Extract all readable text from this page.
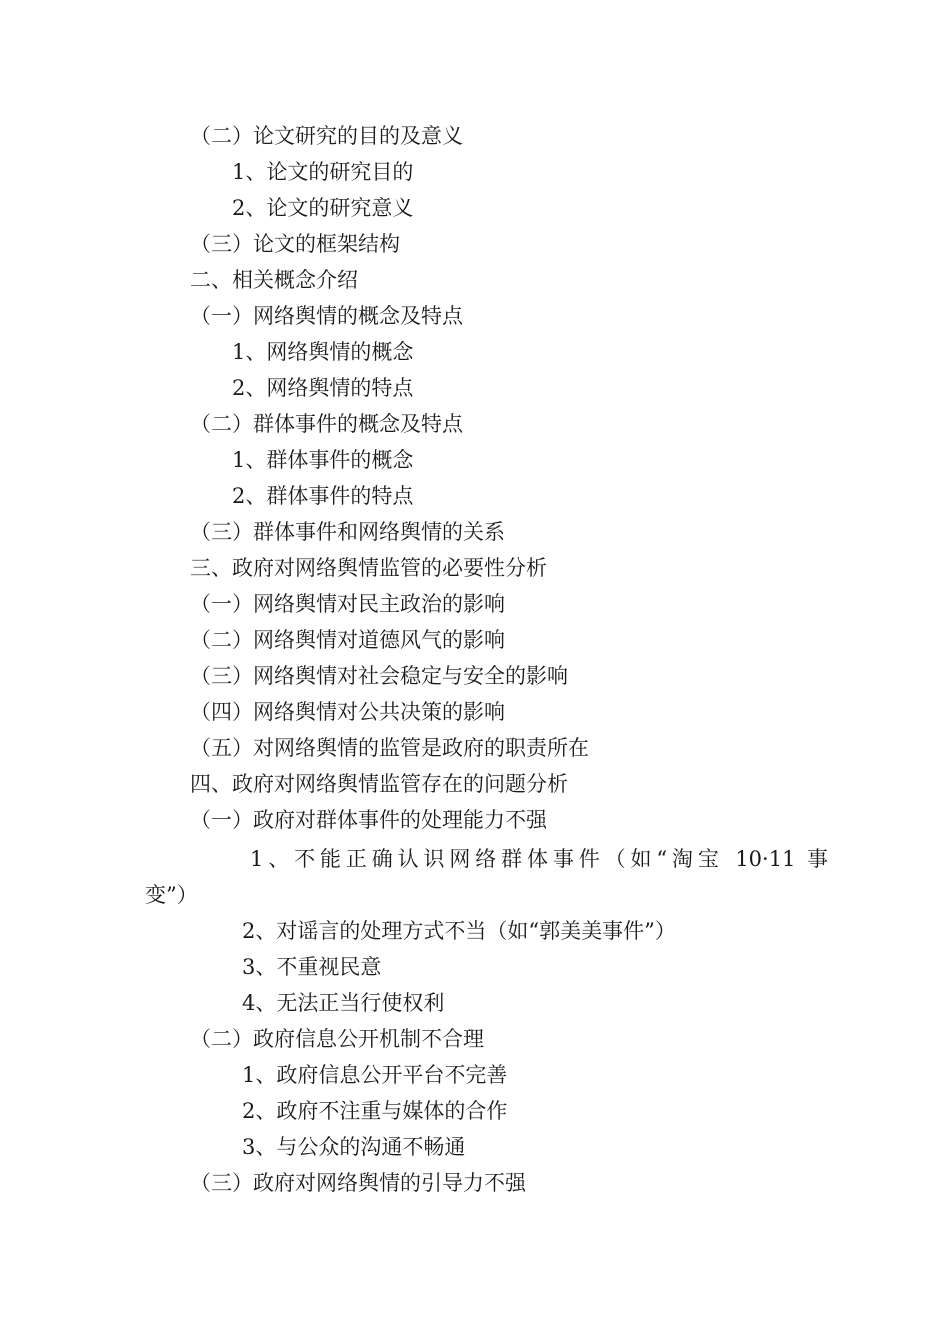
（二）论文研究的目的及意义
1、论文的研究目的
2、论文的研究意义
（三）论文的框架结构
二、相关概念介绍
（一）网络舆情的概念及特点
1、网络舆情的概念
2、网络舆情的特点
（二）群体事件的概念及特点
1、群体事件的概念
2、群体事件的特点
（三）群体事件和网络舆情的关系
三、政府对网络舆情监管的必要性分析
（一）网络舆情对民主政治的影响
（二）网络舆情对道德风气的影响
（三）网络舆情对社会稳定与安全的影响
（四）网络舆情对公共决策的影响
（五）对网络舆情的监管是政府的职责所在
四、政府对网络舆情监管存在的问题分析
（一）政府对群体事件的处理能力不强
1、不能正确认识网络群体事件（如“淘宝 10·11 事
变”）
2、对谣言的处理方式不当（如“郭美美事件”）
3、不重视民意
4、无法正当行使权利
（二）政府信息公开机制不合理
1、政府信息公开平台不完善
2、政府不注重与媒体的合作
3、与公众的沟通不畅通
（三）政府对网络舆情的引导力不强
